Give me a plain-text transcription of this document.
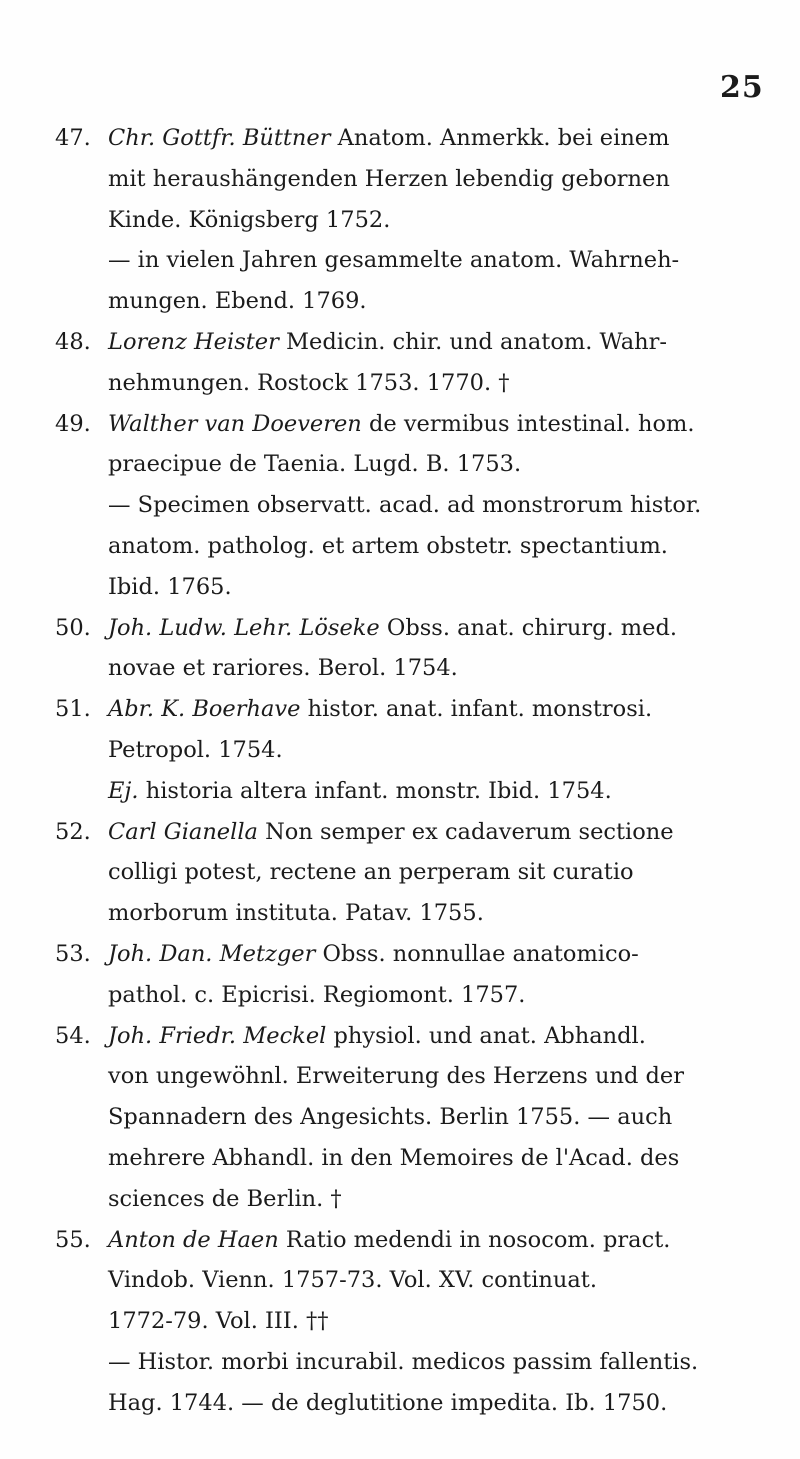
25
47. Chr. Gottfr. Büttner Anatom. Anmerkk. bei einem
mit heraushängenden Herzen lebendig gebornen
Kinde. Königsberg 1752.
— in vielen Jahren gesammelte anatom. Wahrneh-
mungen. Ebend. 1769.
48. Lorenz Heister Medicin. chir. und anatom. Wahr-
nehmungen. Rostock 1753. 1770. †
49. Walther van Doeveren de vermibus intestinal. hom.
praecipue de Taenia. Lugd. B. 1753.
— Specimen observatt. acad. ad monstrorum histor.
anatom. patholog. et artem obstetr. spectantium.
Ibid. 1765.
50. Joh. Ludw. Lehr. Löseke Obss. anat. chirurg. med.
novae et rariores. Berol. 1754.
51. Abr. K. Boerhave histor. anat. infant. monstrosi.
Petropol. 1754.
Ej. historia altera infant. monstr. Ibid. 1754.
52. Carl Gianella Non semper ex cadaverum sectione
colligi potest, rectene an perperam sit curatio
morborum instituta. Patav. 1755.
53. Joh. Dan. Metzger Obss. nonnullae anatomico-
pathol. c. Epicrisi. Regiomont. 1757.
54. Joh. Friedr. Meckel physiol. und anat. Abhandl.
von ungewöhnl. Erweiterung des Herzens und der
Spannadern des Angesichts. Berlin 1755. — auch
mehrere Abhandl. in den Memoires de l'Acad. des
sciences de Berlin. †
55. Anton de Haen Ratio medendi in nosocom. pract.
Vindob. Vienn. 1757-73. Vol. XV. continuat.
1772-79. Vol. III. ††
— Histor. morbi incurabil. medicos passim fallentis.
Hag. 1744. — de deglutitione impedita. Ib. 1750.
